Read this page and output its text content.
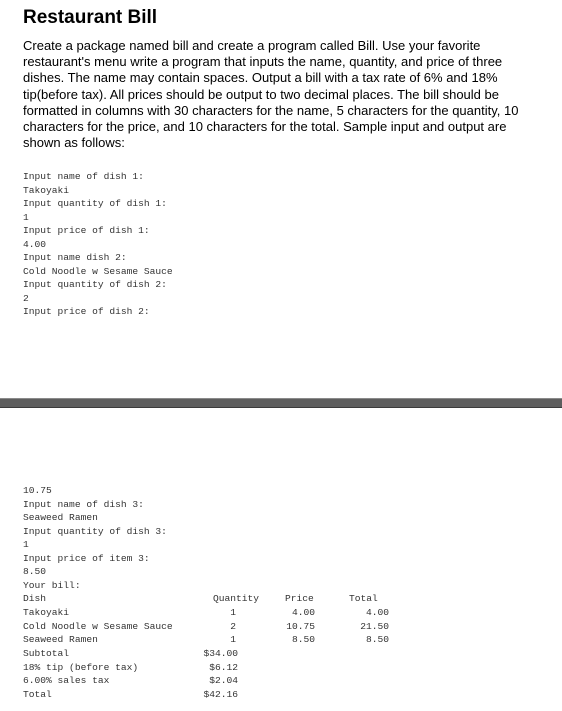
Restaurant Bill
Create a package named bill and create a program called Bill. Use your favorite restaurant's menu write a program that inputs the name, quantity, and price of three dishes. The name may contain spaces. Output a bill with a tax rate of 6% and 18% tip(before tax). All prices should be output to two decimal places. The bill should be formatted in columns with 30 characters for the name, 5 characters for the quantity, 10 characters for the price, and 10 characters for the total. Sample input and output are shown as follows:
Input name of dish 1:
Takoyaki
Input quantity of dish 1:
1
Input price of dish 1:
4.00
Input name dish 2:
Cold Noodle w Sesame Sauce
Input quantity of dish 2:
2
Input price of dish 2:
10.75
Input name of dish 3:
Seaweed Ramen
Input quantity of dish 3:
1
Input price of item 3:
8.50
Your bill:
Dish	Quantity	Price	Total
Takoyaki	1	4.00	4.00
Cold Noodle w Sesame Sauce	2	10.75	21.50
Seaweed Ramen	1	8.50	8.50
Subtotal	$34.00
18% tip (before tax)	$6.12
6.00% sales tax	$2.04
Total	$42.16
